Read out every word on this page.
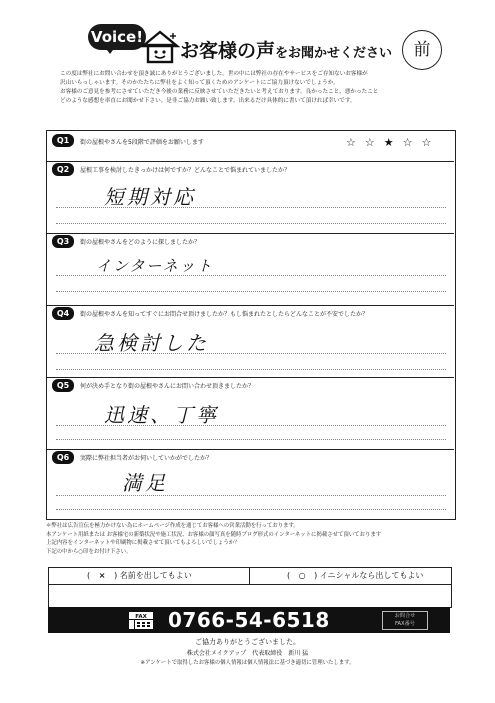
Voice!
お客様の声をお聞かせください	前
この度は弊社にお問い合わせを頂き誠にありがとうございました。世の中には弊社の存在やサービスをご存知ないお客様が
沢山いらっしゃいます。そのかたたちに弊社をよく知って頂くためのアンケートにご協力頂けないでしょうか。
お客様のご意見を参考にさせていただき今後の業務に反映させていただきたいと考えております。良かったこと、悪かったこと
どのような感想を率直にお聞かせ下さい。是非ご協力お願い致します。出来るだけ具体的に書いて頂ければ幸いです。
Q1	街の屋根やさんを5段階で評価をお願いします	☆☆★☆☆
Q2	屋根工事を検討したきっかけは何ですか？どんなことで悩まれていましたか？
短期対応
Q3	街の屋根やさんをどのように探しましたか？
インターネット
Q4	街の屋根やさんを知ってすぐにお問合せ頂けましたか？もし悩まれたとしたらどんなことが不安でしたか？
急検討した
Q5	何が決め手となり街の屋根やさんにお問い合わせ頂きましたか？
迅速、丁寧
Q6	実際に弊社担当者がお伺いしていかがでしたか？
満足
＊弊社は広告宣伝を極力かけない為にホームページ作成を通じてお客様への営業活動を行っております。
本アンケート用紙または お客様宅の新築状況や施工状況、お客様の顔写真を随時ブログ形式のインターネットに掲載させて頂いております
上記内容をインターネットや印刷物に掲載させて頂いてもよろしいでしょうか？
下記の中から○印をお付け下さい。
( × ) 名前を出してもよい	( ○ ) イニシャルなら出してもよい
FAX 0766-54-6518	お問合せ
FAX番号
ご協力ありがとうございました。
株式会社メイクアップ　代表取締役　新川 猛
※アンケートで取得したお客様の個人情報は個人情報法に基づき適切に管理いたします。
